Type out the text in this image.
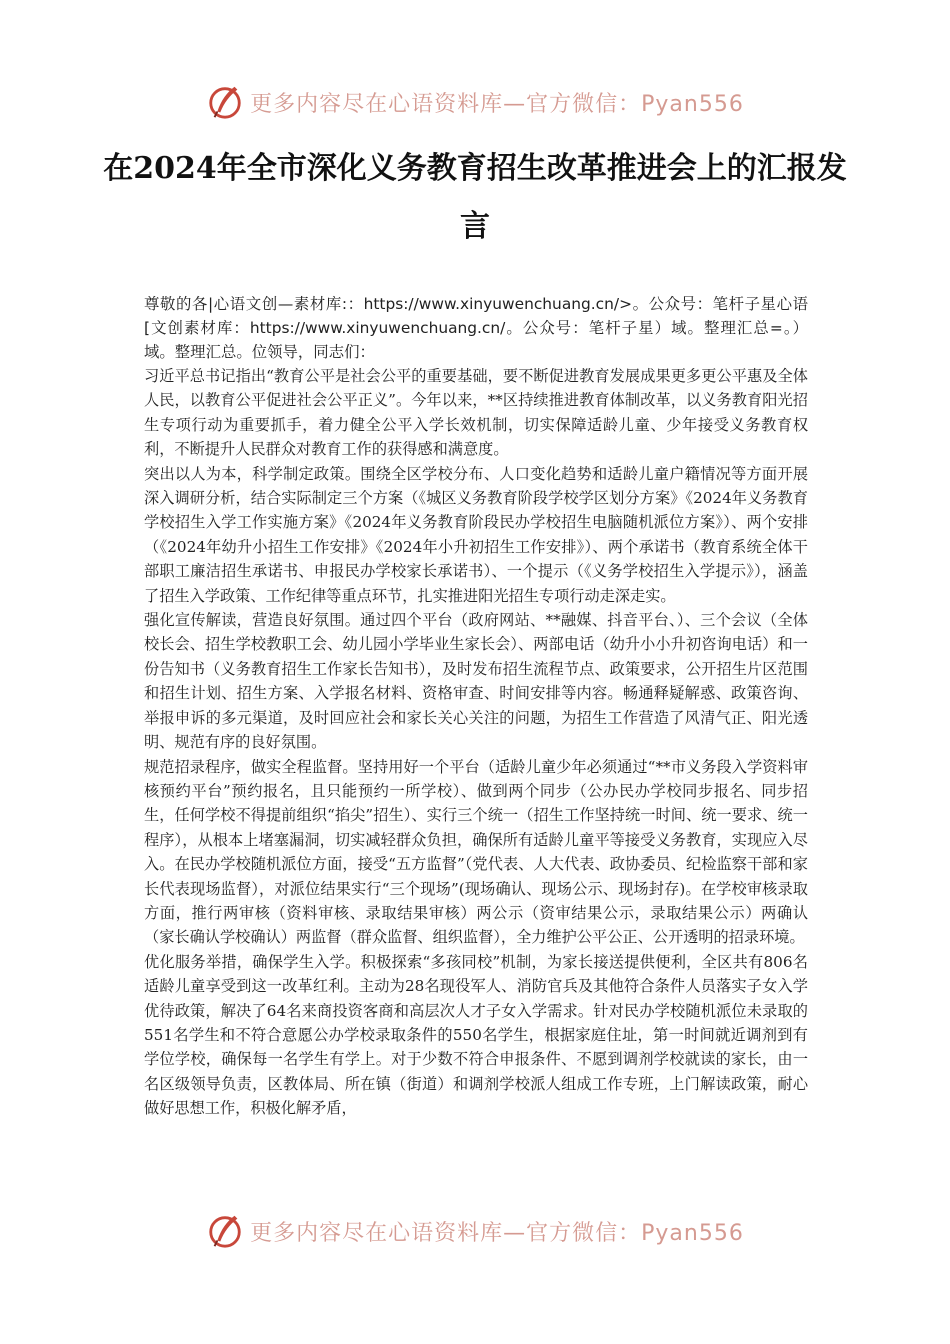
更多内容尽在心语资料库—官方微信：Pyan556
在2024年全市深化义务教育招生改革推进会上的汇报发言

尊敬的各|心语文创—素材库:：https://www.xinyuwenchuang.cn/>。公众号：笔杆子星心语[文创素材库：https://www.xinyuwenchuang.cn/。公众号：笔杆子星）域。整理汇总=。）域。整理汇总。位领导，同志们：

习近平总书记指出“教育公平是社会公平的重要基础，要不断促进教育发展成果更多更公平惠及全体人民，以教育公平促进社会公平正义”。今年以来，**区持续推进教育体制改革，以义务教育阳光招生专项行动为重要抓手，着力健全公平入学长效机制，切实保障适龄儿童、少年接受义务教育权利，不断提升人民群众对教育工作的获得感和满意度。

突出以人为本，科学制定政策。围绕全区学校分布、人口变化趋势和适龄儿童户籍情况等方面开展深入调研分析，结合实际制定三个方案（《城区义务教育阶段学校学区划分方案》《2024年义务教育学校招生入学工作实施方案》《2024年义务教育阶段民办学校招生电脑随机派位方案》）、两个安排（《2024年幼升小招生工作安排》《2024年小升初招生工作安排》）、两个承诺书（教育系统全体干部职工廉洁招生承诺书、申报民办学校家长承诺书）、一个提示（《义务学校招生入学提示》），涵盖了招生入学政策、工作纪律等重点环节，扎实推进阳光招生专项行动走深走实。

强化宣传解读，营造良好氛围。通过四个平台（政府网站、**融媒、抖音平台、）、三个会议（全体校长会、招生学校教职工会、幼儿园小学毕业生家长会）、两部电话（幼升小小升初咨询电话）和一份告知书（义务教育招生工作家长告知书），及时发布招生流程节点、政策要求，公开招生片区范围和招生计划、招生方案、入学报名材料、资格审查、时间安排等内容。畅通释疑解惑、政策咨询、举报申诉的多元渠道，及时回应社会和家长关心关注的问题，为招生工作营造了风清气正、阳光透明、规范有序的良好氛围。

规范招录程序，做实全程监督。坚持用好一个平台（适龄儿童少年必须通过“**市义务段入学资料审核预约平台”预约报名，且只能预约一所学校）、做到两个同步（公办民办学校同步报名、同步招生，任何学校不得提前组织“掐尖”招生）、实行三个统一（招生工作坚持统一时间、统一要求、统一程序），从根本上堵塞漏洞，切实减轻群众负担，确保所有适龄儿童平等接受义务教育，实现应入尽入。在民办学校随机派位方面，接受“五方监督”（党代表、人大代表、政协委员、纪检监察干部和家长代表现场监督），对派位结果实行“三个现场”(现场确认、现场公示、现场封存)。在学校审核录取方面，推行两审核（资料审核、录取结果审核）两公示（资审结果公示，录取结果公示）两确认（家长确认学校确认）两监督（群众监督、组织监督），全力维护公平公正、公开透明的招录环境。

优化服务举措，确保学生入学。积极探索“多孩同校”机制，为家长接送提供便利，全区共有806名适龄儿童享受到这一改革红利。主动为28名现役军人、消防官兵及其他符合条件人员落实子女入学优待政策，解决了64名来商投资客商和高层次人才子女入学需求。针对民办学校随机派位未录取的551名学生和不符合意愿公办学校录取条件的550名学生，根据家庭住址，第一时间就近调剂到有学位学校，确保每一名学生有学上。对于少数不符合申报条件、不愿到调剂学校就读的家长，由一名区级领导负责，区教体局、所在镇（街道）和调剂学校派人组成工作专班，上门解读政策，耐心做好思想工作，积极化解矛盾，

更多内容尽在心语资料库—官方微信：Pyan556
